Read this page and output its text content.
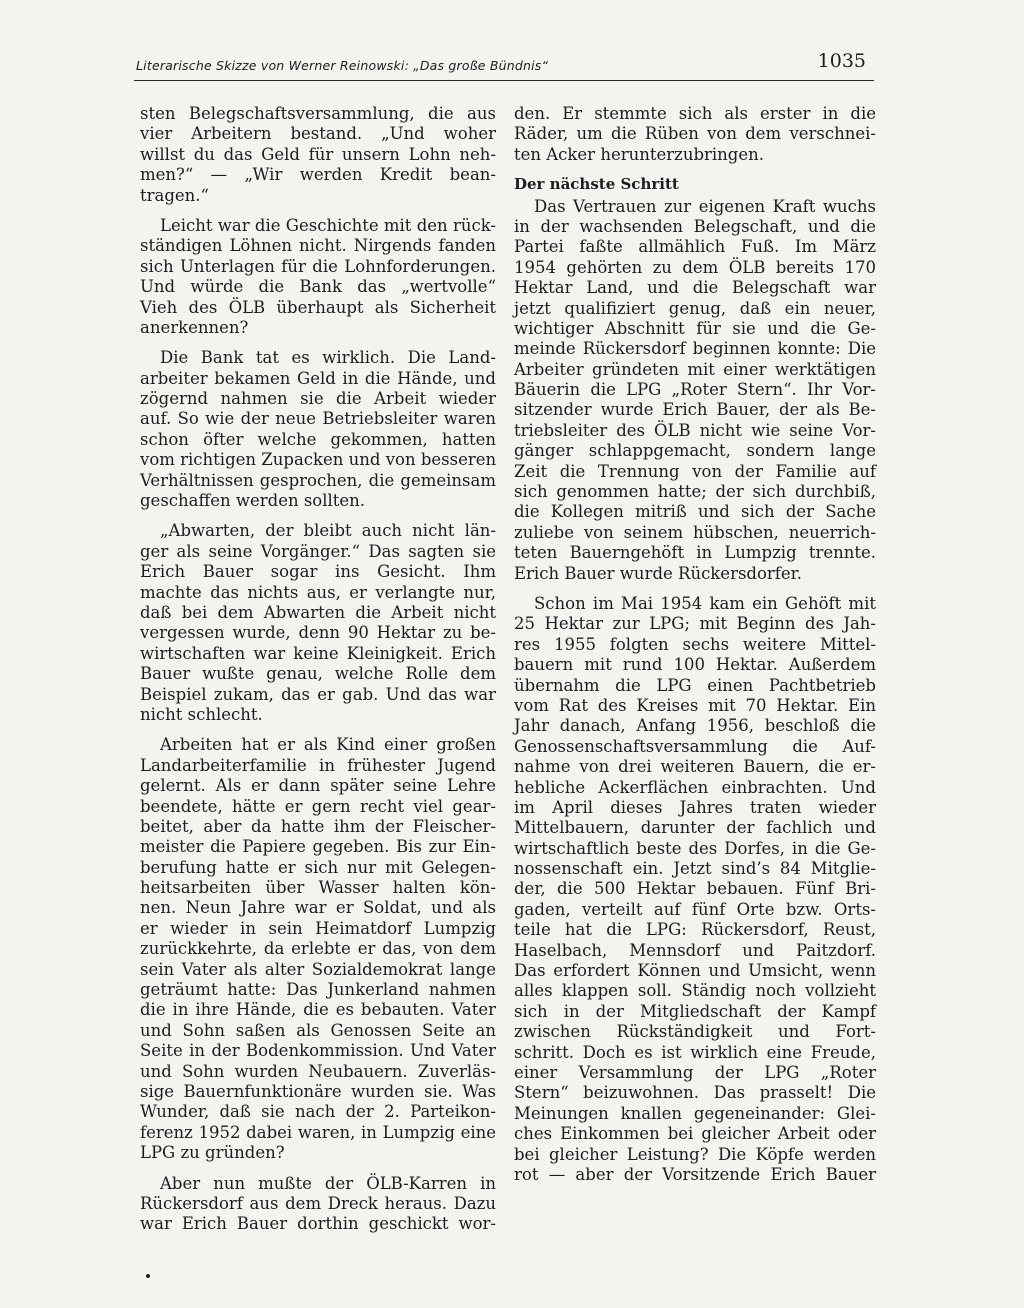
Literarische Skizze von Werner Reinowski: „Das große Bündnis“	1035
sten Belegschaftsversammlung, die aus
vier Arbeitern bestand. „Und woher
willst du das Geld für unsern Lohn neh-
men?“ — „Wir werden Kredit bean-
tragen.“
Leicht war die Geschichte mit den rück-
ständigen Löhnen nicht. Nirgends fanden
sich Unterlagen für die Lohnforderungen.
Und würde die Bank das „wertvolle“
Vieh des ÖLB überhaupt als Sicherheit
anerkennen?
Die Bank tat es wirklich. Die Land-
arbeiter bekamen Geld in die Hände, und
zögernd nahmen sie die Arbeit wieder
auf. So wie der neue Betriebsleiter waren
schon öfter welche gekommen, hatten
vom richtigen Zupacken und von besseren
Verhältnissen gesprochen, die gemeinsam
geschaffen werden sollten.
„Abwarten, der bleibt auch nicht län-
ger als seine Vorgänger.“ Das sagten sie
Erich Bauer sogar ins Gesicht. Ihm
machte das nichts aus, er verlangte nur,
daß bei dem Abwarten die Arbeit nicht
vergessen wurde, denn 90 Hektar zu be-
wirtschaften war keine Kleinigkeit. Erich
Bauer wußte genau, welche Rolle dem
Beispiel zukam, das er gab. Und das war
nicht schlecht.
Arbeiten hat er als Kind einer großen
Landarbeiterfamilie in frühester Jugend
gelernt. Als er dann später seine Lehre
beendete, hätte er gern recht viel gear-
beitet, aber da hatte ihm der Fleischer-
meister die Papiere gegeben. Bis zur Ein-
berufung hatte er sich nur mit Gelegen-
heitsarbeiten über Wasser halten kön-
nen. Neun Jahre war er Soldat, und als
er wieder in sein Heimatdorf Lumpzig
zurückkehrte, da erlebte er das, von dem
sein Vater als alter Sozialdemokrat lange
geträumt hatte: Das Junkerland nahmen
die in ihre Hände, die es bebauten. Vater
und Sohn saßen als Genossen Seite an
Seite in der Bodenkommission. Und Vater
und Sohn wurden Neubauern. Zuverläs-
sige Bauernfunktionäre wurden sie. Was
Wunder, daß sie nach der 2. Parteikon-
ferenz 1952 dabei waren, in Lumpzig eine
LPG zu gründen?
Aber nun mußte der ÖLB-Karren in
Rückersdorf aus dem Dreck heraus. Dazu
war Erich Bauer dorthin geschickt wor-
den. Er stemmte sich als erster in die
Räder, um die Rüben von dem verschnei-
ten Acker herunterzubringen.
Der nächste Schritt
Das Vertrauen zur eigenen Kraft wuchs
in der wachsenden Belegschaft, und die
Partei faßte allmählich Fuß. Im März
1954 gehörten zu dem ÖLB bereits 170
Hektar Land, und die Belegschaft war
jetzt qualifiziert genug, daß ein neuer,
wichtiger Abschnitt für sie und die Ge-
meinde Rückersdorf beginnen konnte: Die
Arbeiter gründeten mit einer werktätigen
Bäuerin die LPG „Roter Stern“. Ihr Vor-
sitzender wurde Erich Bauer, der als Be-
triebsleiter des ÖLB nicht wie seine Vor-
gänger schlappgemacht, sondern lange
Zeit die Trennung von der Familie auf
sich genommen hatte; der sich durchbiß,
die Kollegen mitriß und sich der Sache
zuliebe von seinem hübschen, neuerrich-
teten Bauerngehöft in Lumpzig trennte.
Erich Bauer wurde Rückersdorfer.
Schon im Mai 1954 kam ein Gehöft mit
25 Hektar zur LPG; mit Beginn des Jah-
res 1955 folgten sechs weitere Mittel-
bauern mit rund 100 Hektar. Außerdem
übernahm die LPG einen Pachtbetrieb
vom Rat des Kreises mit 70 Hektar. Ein
Jahr danach, Anfang 1956, beschloß die
Genossenschaftsversammlung die Auf-
nahme von drei weiteren Bauern, die er-
hebliche Ackerflächen einbrachten. Und
im April dieses Jahres traten wieder
Mittelbauern, darunter der fachlich und
wirtschaftlich beste des Dorfes, in die Ge-
nossenschaft ein. Jetzt sind’s 84 Mitglie-
der, die 500 Hektar bebauen. Fünf Bri-
gaden, verteilt auf fünf Orte bzw. Orts-
teile hat die LPG: Rückersdorf, Reust,
Haselbach, Mennsdorf und Paitzdorf.
Das erfordert Können und Umsicht, wenn
alles klappen soll. Ständig noch vollzieht
sich in der Mitgliedschaft der Kampf
zwischen Rückständigkeit und Fort-
schritt. Doch es ist wirklich eine Freude,
einer Versammlung der LPG „Roter
Stern“ beizuwohnen. Das prasselt! Die
Meinungen knallen gegeneinander: Glei-
ches Einkommen bei gleicher Arbeit oder
bei gleicher Leistung? Die Köpfe werden
rot — aber der Vorsitzende Erich Bauer
